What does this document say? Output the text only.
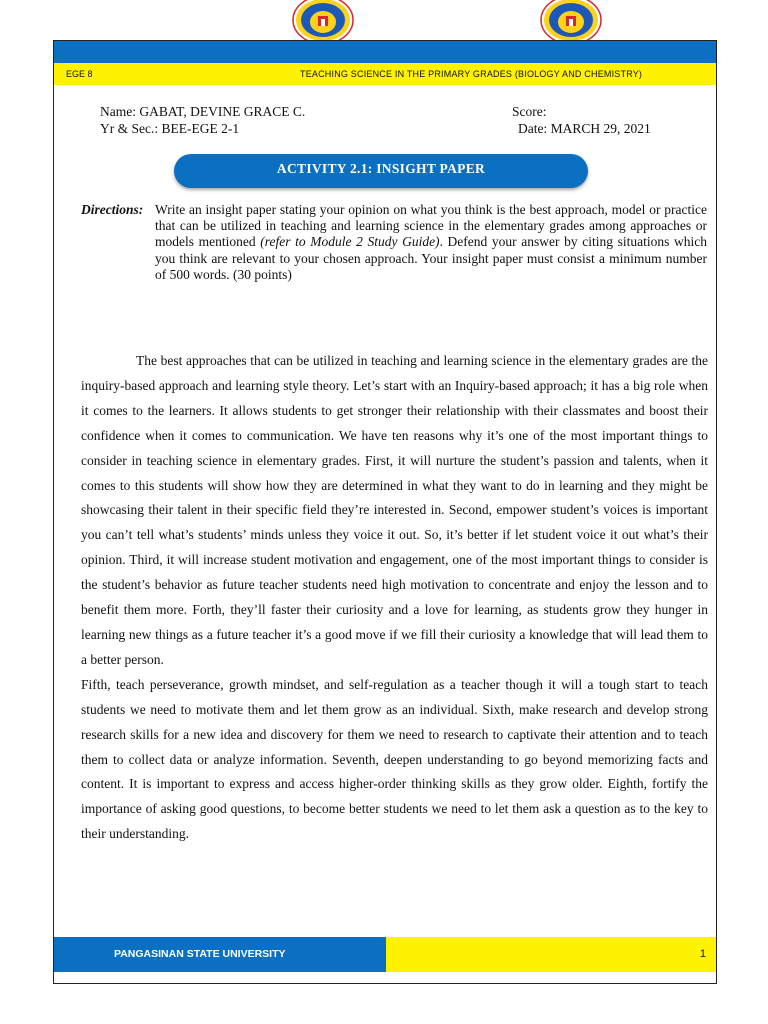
EGE 8	TEACHING SCIENCE IN THE PRIMARY GRADES (BIOLOGY AND CHEMISTRY)
Name: GABAT, DEVINE GRACE C.
Yr & Sec.: BEE-EGE 2-1
Score:
Date: MARCH 29, 2021
ACTIVITY 2.1: INSIGHT PAPER
Directions: Write an insight paper stating your opinion on what you think is the best approach, model or practice that can be utilized in teaching and learning science in the elementary grades among approaches or models mentioned (refer to Module 2 Study Guide). Defend your answer by citing situations which you think are relevant to your chosen approach. Your insight paper must consist a minimum number of 500 words. (30 points)

The best approaches that can be utilized in teaching and learning science in the elementary grades are the inquiry-based approach and learning style theory. Let’s start with an Inquiry-based approach; it has a big role when it comes to the learners. It allows students to get stronger their relationship with their classmates and boost their confidence when it comes to communication. We have ten reasons why it’s one of the most important things to consider in teaching science in elementary grades. First, it will nurture the student’s passion and talents, when it comes to this students will show how they are determined in what they want to do in learning and they might be showcasing their talent in their specific field they’re interested in. Second, empower student’s voices is important you can’t tell what’s students’ minds unless they voice it out. So, it’s better if let student voice it out what’s their opinion. Third, it will increase student motivation and engagement, one of the most important things to consider is the student’s behavior as future teacher students need high motivation to concentrate and enjoy the lesson and to benefit them more. Forth, they’ll faster their curiosity and a love for learning, as students grow they hunger in learning new things as a future teacher it’s a good move if we fill their curiosity a knowledge that will lead them to a better person.

Fifth, teach perseverance, growth mindset, and self-regulation as a teacher though it will a tough start to teach students we need to motivate them and let them grow as an individual. Sixth, make research and develop strong research skills for a new idea and discovery for them we need to research to captivate their attention and to teach them to collect data or analyze information. Seventh, deepen understanding to go beyond memorizing facts and content. It is important to express and access higher-order thinking skills as they grow older. Eighth, fortify the importance of asking good questions, to become better students we need to let them ask a question as to the key to their understanding.

PANGASINAN STATE UNIVERSITY	1
